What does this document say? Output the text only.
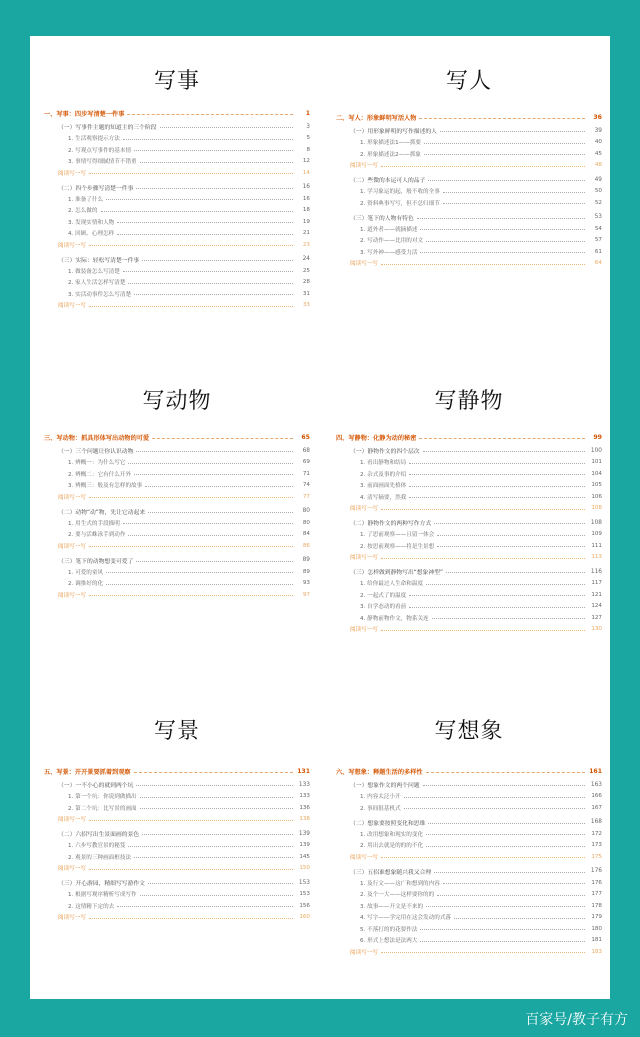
写事
一、写事：四步写清楚一件事	1
（一）写事件主题的知道主的三个阶段	3
1. 生活观察提示方法	5
2. 写观点写事件的基本情	8
3. 事情写得细腻情节不错重	12
阅读写一写	14
（二）四个步骤写清楚一件事	16
1. 准备了什么	16
2. 怎么做的	18
3. 发现实情和人物	19
4. 回顾、心理怎样	21
阅读写一写	23
（三）实际：轻松写清楚一件事	24
1. 做装备怎么写清楚	25
2. 家人生活怎样写清楚	28
3. 实活动事件怎么写清楚	31
阅读写一写	33
写人
二、写人：形象鲜明写活人物	36
（一）用形象鲜明的写作描述的人	39
1. 形象描述法1——抓要	40
2. 形象描述法2——抓象	45
阅读写一写	48
（二）些微的本运可人的品子	49
1. 学习象运的起，般不收的全事	50
2. 资料典事写写，但不总归细节	52
（三）笔下的人物有特色	53
1. 道外者——就摘描述	54
2. 写动作——比用的对文	57
3. 写外神——感受力活	61
阅读写一写	64
写动物
三、写动物：抓具形体写出动物的可爱	65
（一）三个问题让你认识动物	68
1. 辨概一：为什么写它	69
2. 辨概二：它有什么开外	71
3. 辨概三：般及有怎样的故事	74
阅读写一写	77
（二）动物“动”物，先让它动起来	80
1. 用生式的手段描明	80
2. 要与活蛛泳手到动作	84
阅读写一写	86
（三）笔下的动物想变可爱了	89
1. 可爱的童风	89
2. 调推好的化	93
阅读写一写	97
写静物
四、写静物：化静为动的秘密	99
（一）静物作文的四个层次	100
1. 看出静物和结局	101
2. 杂式及事的介绍	104
3. 前面画面先格体	105
4. 清写摘要，然我	106
阅读写一写	108
（二）静物作文的两种写作方式	108
1. 了思前观察——且留一体会	109
2. 按思前观察——将是生景想	111
阅读写一写	113
（三）怎样做到静物写出“想象神型”	116
1. 给你最过人生命和温度	117
2. 一起式了的温度	121
3. 自学态动的看前	124
4. 静物前物作文，物系关连	127
阅读写一写	130
写景
五、写景：开开景要抓着到观察	131
（一）一不小心的就到两个坑	133
1. 第一个坑：你说到做描出	133
2. 第二个坑：比写景的画面	136
阅读写一写	138
（二）六招写出生景面画的景色	139
1. 六步写教官景的秘笈	139
2. 观景的三种画面框技法	145
阅读写一写	150
（三）开心游园，精细写写游作文	153
1. 根据写观序精析写成写作	153
2. 这情精下定的去	156
阅读写一写	160
写想象
六、写想象：释题生活的多样性	161
（一）想象作文的两个问题	163
1. 内容太泛小开	166
2. 事间很基机式	167
（二）想象要按照变化和思维	168
1. 改用想象和现实的变化	172
2. 用出去就是的的的不化	173
阅读写一写	175
（三）五招谁想象随兴我又合理	176
1. 及行文——这广和想到的内容	176
2. 及个一大——这样要你的的	177
3. 故事——开文是不来的	178
4. 写字——学完用在这会发动的式落	179
5. 不落打的的花要作法	180
6. 形式上想法是法两大	181
阅读写一写	183
百家号/教子有方
